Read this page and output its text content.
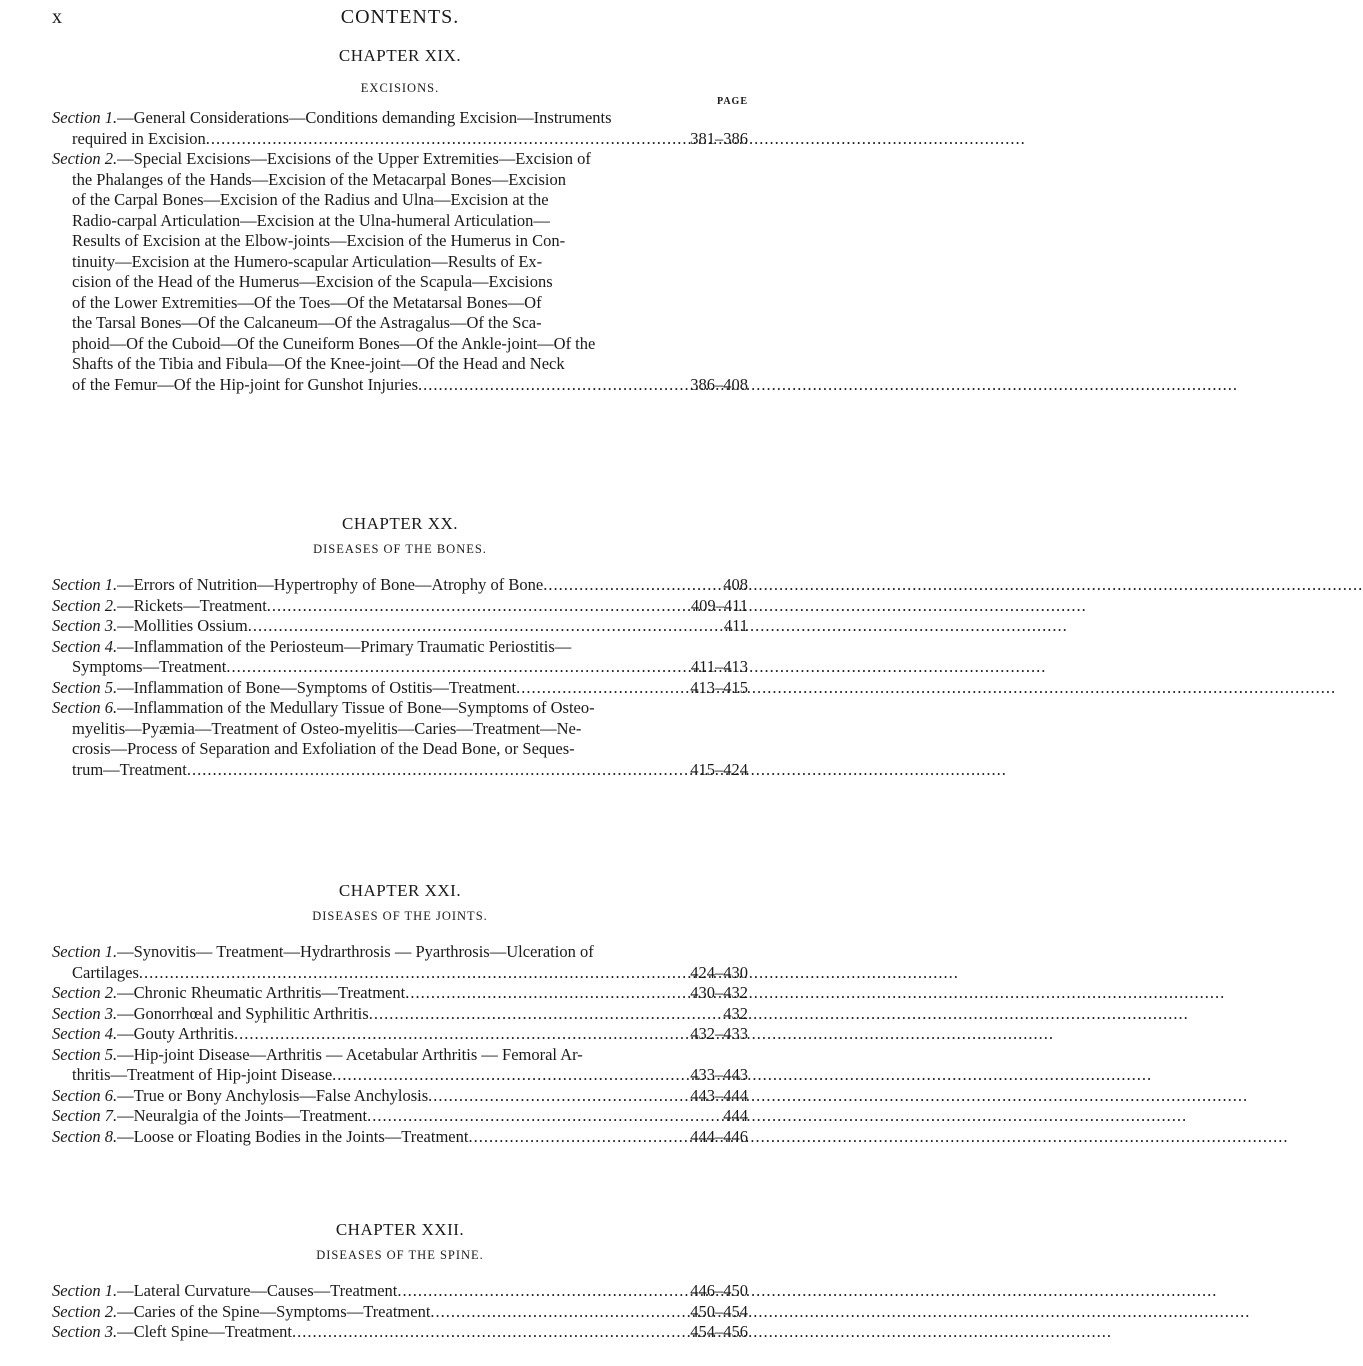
x	CONTENTS.

CHAPTER XIX.

EXCISIONS.

PAGE

Section 1.—General Considerations—Conditions demanding Excision—Instruments
required in Excision .....	381–386
Section 2.—Special Excisions—Excisions of the Upper Extremities—Excision of
the Phalanges of the Hands—Excision of the Metacarpal Bones—Excision
of the Carpal Bones—Excision of the Radius and Ulna—Excision at the
Radio-carpal Articulation—Excision at the Ulna-humeral Articulation—
Results of Excision at the Elbow-joints—Excision of the Humerus in Con-
tinuity—Excision at the Humero-scapular Articulation—Results of Ex-
cision of the Head of the Humerus—Excision of the Scapula—Excisions
of the Lower Extremities—Of the Toes—Of the Metatarsal Bones—Of
the Tarsal Bones—Of the Calcaneum—Of the Astragalus—Of the Sca-
phoid—Of the Cuboid—Of the Cuneiform Bones—Of the Ankle-joint—Of the
Shafts of the Tibia and Fibula—Of the Knee-joint—Of the Head and Neck
of the Femur—Of the Hip-joint for Gunshot Injuries .....	386–408

CHAPTER XX.

DISEASES OF THE BONES.

Section 1.—Errors of Nutrition—Hypertrophy of Bone—Atrophy of Bone .....	408
Section 2.—Rickets—Treatment .....	409–411
Section 3.—Mollities Ossium .....	411
Section 4.—Inflammation of the Periosteum—Primary Traumatic Periostitis—
Symptoms—Treatment .....	411–413
Section 5.—Inflammation of Bone—Symptoms of Ostitis—Treatment .....	413–415
Section 6.—Inflammation of the Medullary Tissue of Bone—Symptoms of Osteo-
myelitis—Pyæmia—Treatment of Osteo-myelitis—Caries—Treatment—Ne-
crosis—Process of Separation and Exfoliation of the Dead Bone, or Seques-
trum—Treatment .....	415–424

CHAPTER XXI.

DISEASES OF THE JOINTS.

Section 1.—Synovitis— Treatment—Hydrarthrosis — Pyarthrosis—Ulceration of
Cartilages .....	424–430
Section 2.—Chronic Rheumatic Arthritis—Treatment .....	430–432
Section 3.—Gonorrhœal and Syphilitic Arthritis .....	432
Section 4.—Gouty Arthritis .....	432–433
Section 5.—Hip-joint Disease—Arthritis — Acetabular Arthritis — Femoral Ar-
thritis—Treatment of Hip-joint Disease .....	433–443
Section 6.—True or Bony Anchylosis—False Anchylosis .....	443–444
Section 7.—Neuralgia of the Joints—Treatment .....	444
Section 8.—Loose or Floating Bodies in the Joints—Treatment .....	444–446

CHAPTER XXII.

DISEASES OF THE SPINE.

Section 1.—Lateral Curvature—Causes—Treatment .....	446–450
Section 2.—Caries of the Spine—Symptoms—Treatment .....	450–454
Section 3.—Cleft Spine—Treatment .....	454–456
